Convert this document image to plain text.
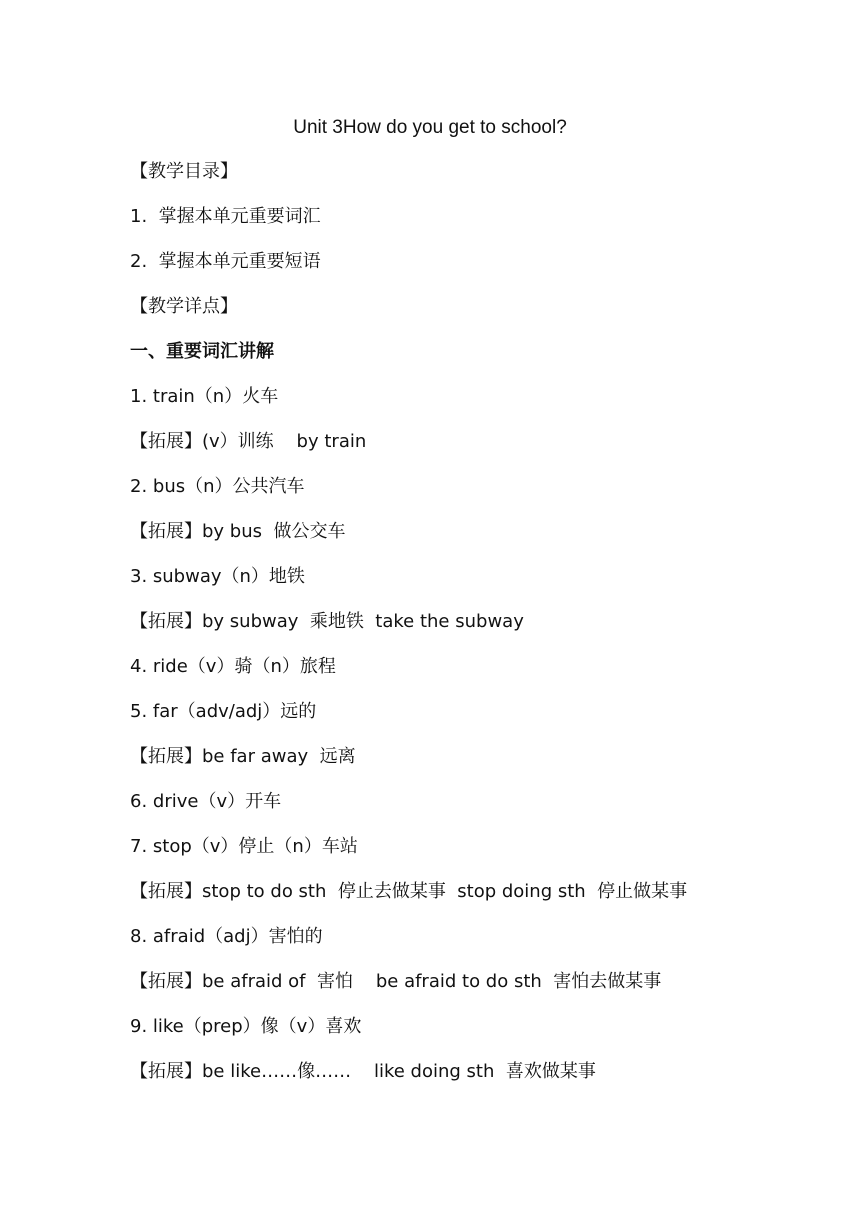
Unit 3How do you get to school?
【教学目录】
1.  掌握本单元重要词汇
2.  掌握本单元重要短语
【教学详点】
一、重要词汇讲解
1. train（n）火车
【拓展】(v）训练    by train
2. bus（n）公共汽车
【拓展】by bus  做公交车
3. subway（n）地铁
【拓展】by subway  乘地铁  take the subway
4. ride（v）骑（n）旅程
5. far（adv/adj）远的
【拓展】be far away  远离
6. drive（v）开车
7. stop（v）停止（n）车站
【拓展】stop to do sth  停止去做某事  stop doing sth  停止做某事
8. afraid（adj）害怕的
【拓展】be afraid of  害怕    be afraid to do sth  害怕去做某事
9. like（prep）像（v）喜欢
【拓展】be like……像……    like doing sth  喜欢做某事
